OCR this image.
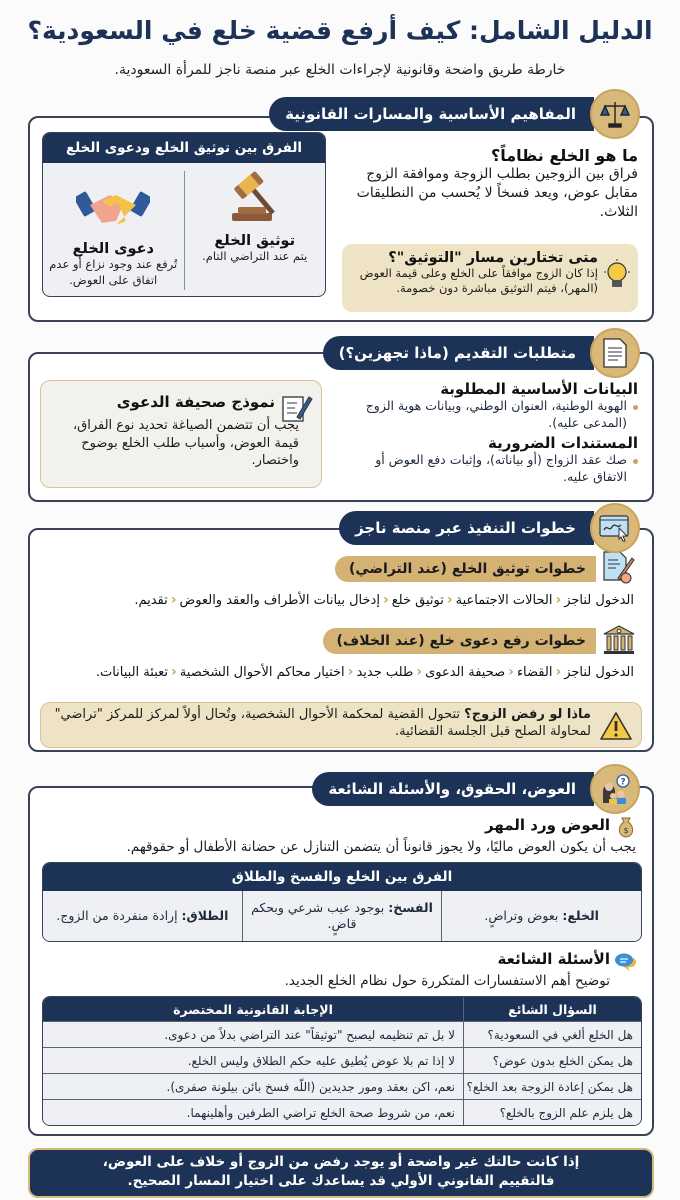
الدليل الشامل: كيف أرفع قضية خلع في السعودية؟
خارطة طريق واضحة وقانونية لإجراءات الخلع عبر منصة ناجز للمرأة السعودية.
الفرق بين توثيق الخلع ودعوى الخلع
توثيق الخلع
يتم عند التراضي التام.
دعوى الخلع
تُرفع عند وجود نزاع أو عدم اتفاق على العوض.
ما هو الخلع نظاماً؟
فراق بين الزوجين بطلب الزوجة وموافقة الزوج مقابل عوض، ويعد فسخاً لا يُحسب من النطليقات الثلاث.
متى تختارين مسار "التوثيق"؟
إذا كان الزوج موافقاً على الخلع وعلى قيمة العوض (المهر)، فيتم التوثيق مباشرة دون خصومة.
المفاهيم الأساسية والمسارات القانونية
البيانات الأساسية المطلوبة
الهوية الوطنية، العنوان الوطني، وبيانات هوية الزوج (المدعى عليه).
المستندات الضرورية
صك عقد الزواج (أو بياناته)، وإثبات دفع العوض أو الاتفاق عليه.
نموذج صحيفة الدعوى
يجب أن تتضمن الصياغة تحديد نوع الفراق، قيمة العوض، وأسباب طلب الخلع بوضوح واختصار.
متطلبات التقديم (ماذا تجهزين؟)
خطوات توثيق الخلع (عند التراضي)
الدخول لناجز
‹
الحالات الاجتماعية
‹
توثيق خلع
‹
إدخال بيانات الأطراف والعقد والعوض
‹
تقديم.
خطوات رفع دعوى خلع (عند الخلاف)
الدخول لناجز
‹
القضاء
‹
صحيفة الدعوى
‹
طلب جديد
‹
اختيار محاكم الأحوال الشخصية
‹
تعبئة البيانات.
ماذا لو رفض الزوج؟ تتحول القضية لمحكمة الأحوال الشخصية، وتُحال أولاً لمركز للمركز "تراضي" لمحاولة الصلح قبل الجلسة القضائية.
خطوات التنفيذ عبر منصة ناجز
$
العوض ورد المهر
يجب أن يكون العوض ماليًا، ولا يجوز قانوناً أن يتضمن التنازل عن حضانة الأطفال أو حقوقهم.
الفرق بين الخلع والفسخ والطلاق
الخلع: بعوض وتراضٍ.
الفسخ: بوجود عيب شرعي وبحكم قاضٍ.
الطلاق: إرادة منفردة من الزوج.
الأسئلة الشائعة
توضيح أهم الاستفسارات المتكررة حول نظام الخلع الجديد.
السؤال الشائع
الإجابة القانونية المختصرة
هل الخلع ألغي في السعودية؟
لا بل تم تنظيمه ليصبح "توثيقاً" عند التراضي بدلاً من دعوى.
هل يمكن الخلع بدون عوض؟
لا إذا تم بلا عوض يُطيق عليه حكم الطلاق وليس الخلع.
هل يمكن إعادة الزوجة بعد الخلع؟
نعم، اكن بعقد ومور جديدين (اللّه فسخ بائن بيلونة صفرى).
هل يلزم علم الزوج بالخلع؟
نعم، من شروط صحة الخلع تراضي الطرفين وأهلينهما.
العوض، الحقوق، والأسئلة الشائعة	?
إذا كانت حالتك غير واضحة أو يوجد رفض من الزوج أو خلاف على العوض،
فالتقييم القانوني الأولي قد يساعدك على اختيار المسار الصحيح.
